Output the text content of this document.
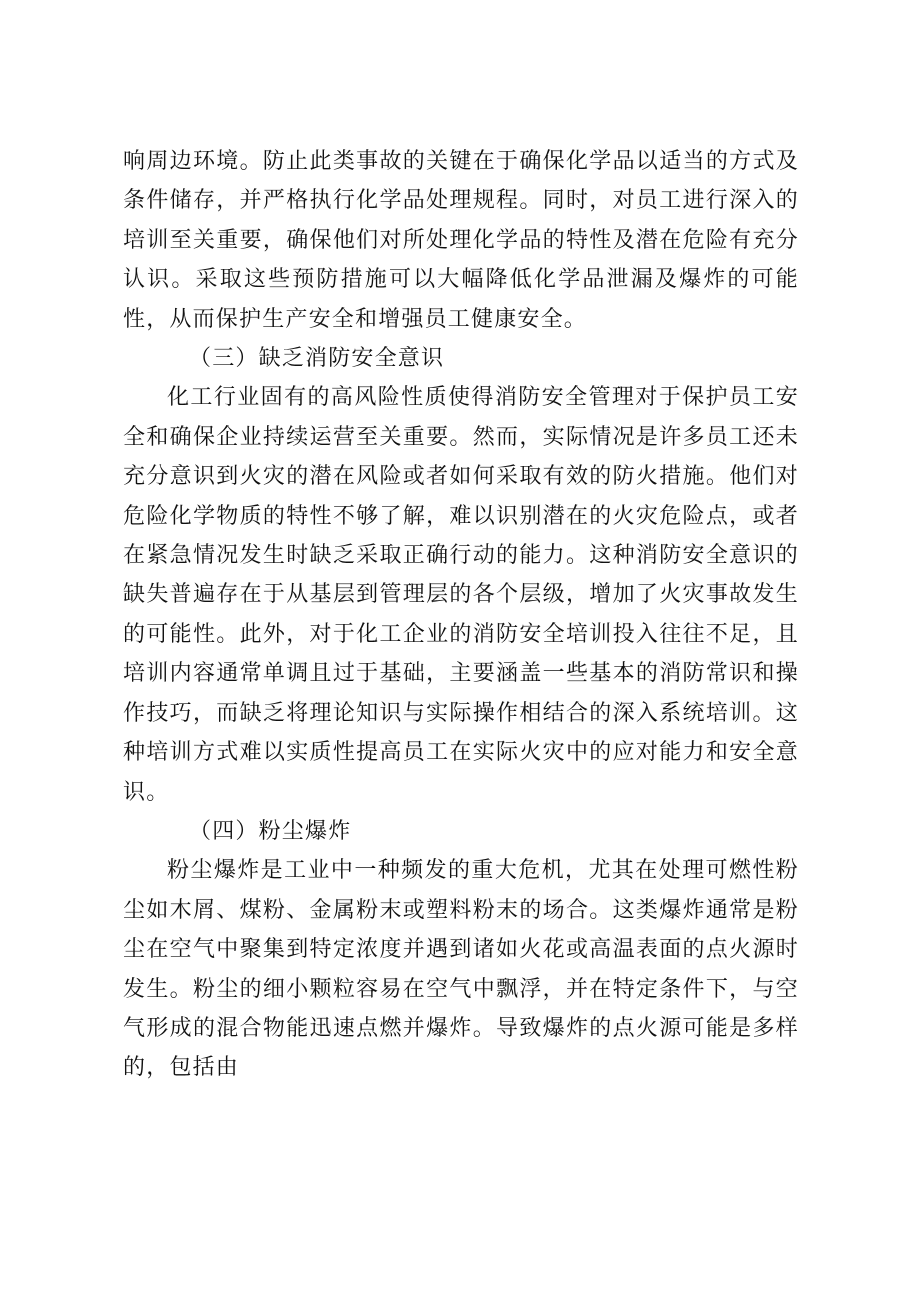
响周边环境。防止此类事故的关键在于确保化学品以适当的方式及条件储存，并严格执行化学品处理规程。同时，对员工进行深入的培训至关重要，确保他们对所处理化学品的特性及潜在危险有充分认识。采取这些预防措施可以大幅降低化学品泄漏及爆炸的可能性，从而保护生产安全和增强员工健康安全。

（三）缺乏消防安全意识

化工行业固有的高风险性质使得消防安全管理对于保护员工安全和确保企业持续运营至关重要。然而，实际情况是许多员工还未充分意识到火灾的潜在风险或者如何采取有效的防火措施。他们对危险化学物质的特性不够了解，难以识别潜在的火灾危险点，或者在紧急情况发生时缺乏采取正确行动的能力。这种消防安全意识的缺失普遍存在于从基层到管理层的各个层级，增加了火灾事故发生的可能性。此外，对于化工企业的消防安全培训投入往往不足，且培训内容通常单调且过于基础，主要涵盖一些基本的消防常识和操作技巧，而缺乏将理论知识与实际操作相结合的深入系统培训。这种培训方式难以实质性提高员工在实际火灾中的应对能力和安全意识。

（四）粉尘爆炸

粉尘爆炸是工业中一种频发的重大危机，尤其在处理可燃性粉尘如木屑、煤粉、金属粉末或塑料粉末的场合。这类爆炸通常是粉尘在空气中聚集到特定浓度并遇到诸如火花或高温表面的点火源时发生。粉尘的细小颗粒容易在空气中飘浮，并在特定条件下，与空气形成的混合物能迅速点燃并爆炸。导致爆炸的点火源可能是多样的，包括由
